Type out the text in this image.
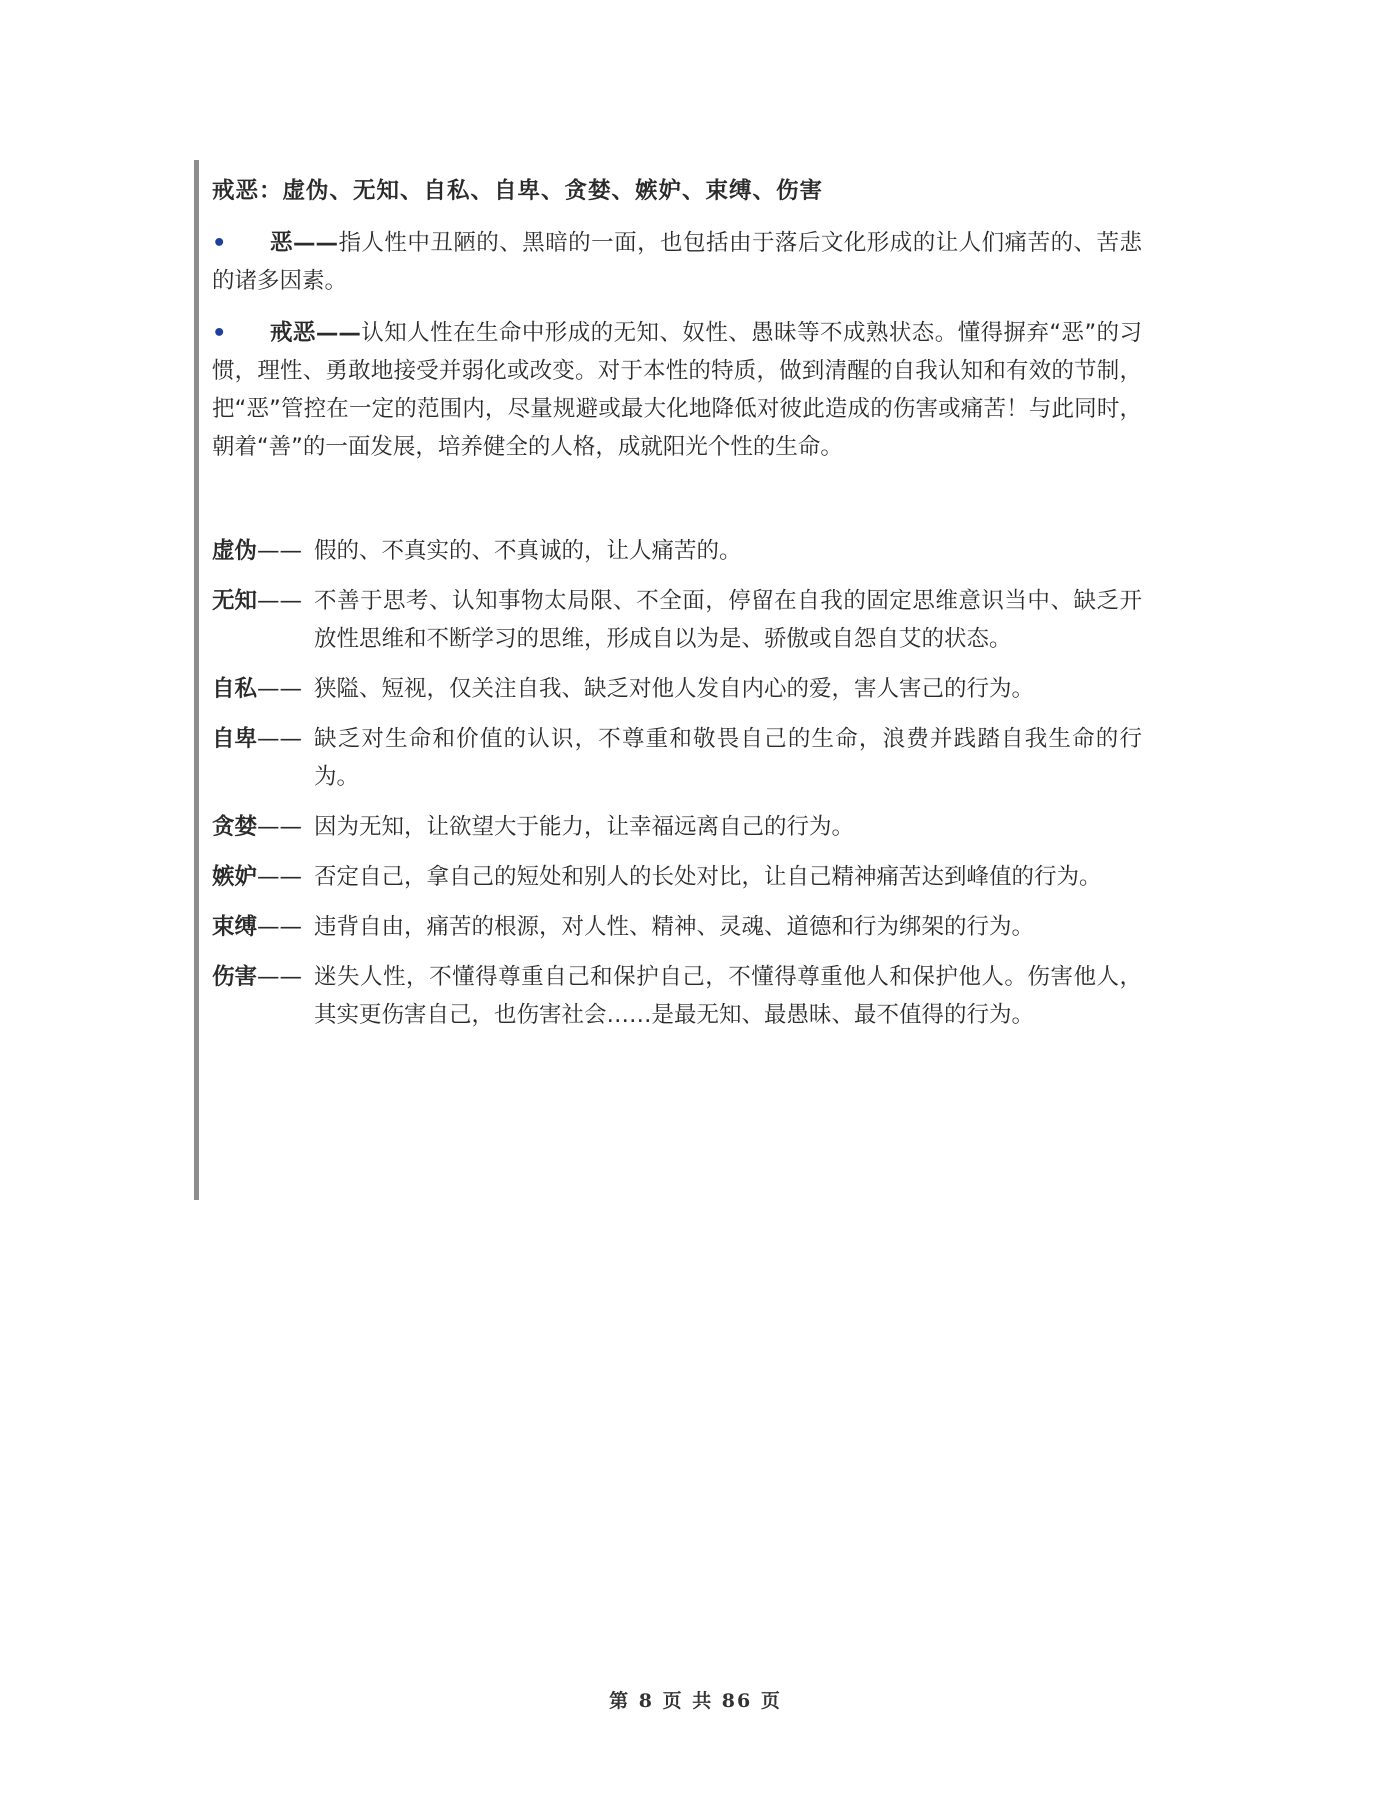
戒恶：虚伪、无知、自私、自卑、贪婪、嫉妒、束缚、伤害
• 恶——指人性中丑陋的、黑暗的一面，也包括由于落后文化形成的让人们痛苦的、苦悲的诸多因素。
• 戒恶——认知人性在生命中形成的无知、奴性、愚昧等不成熟状态。懂得摒弃“恶”的习惯，理性、勇敢地接受并弱化或改变。对于本性的特质，做到清醒的自我认知和有效的节制，把“恶”管控在一定的范围内，尽量规避或最大化地降低对彼此造成的伤害或痛苦！与此同时，朝着“善”的一面发展，培养健全的人格，成就阳光个性的生命。
虚伪—— 假的、不真实的、不真诚的，让人痛苦的。
无知—— 不善于思考、认知事物太局限、不全面，停留在自我的固定思维意识当中、缺乏开放性思维和不断学习的思维，形成自以为是、骄傲或自怨自艾的状态。
自私—— 狭隘、短视，仅关注自我、缺乏对他人发自内心的爱，害人害己的行为。
自卑—— 缺乏对生命和价值的认识，不尊重和敬畏自己的生命，浪费并践踏自我生命的行为。
贪婪—— 因为无知，让欲望大于能力，让幸福远离自己的行为。
嫉妒—— 否定自己，拿自己的短处和别人的长处对比，让自己精神痛苦达到峰值的行为。
束缚—— 违背自由，痛苦的根源，对人性、精神、灵魂、道德和行为绑架的行为。
伤害—— 迷失人性，不懂得尊重自己和保护自己，不懂得尊重他人和保护他人。伤害他人，其实更伤害自己，也伤害社会……是最无知、最愚昧、最不值得的行为。
第 8 页 共 86 页
